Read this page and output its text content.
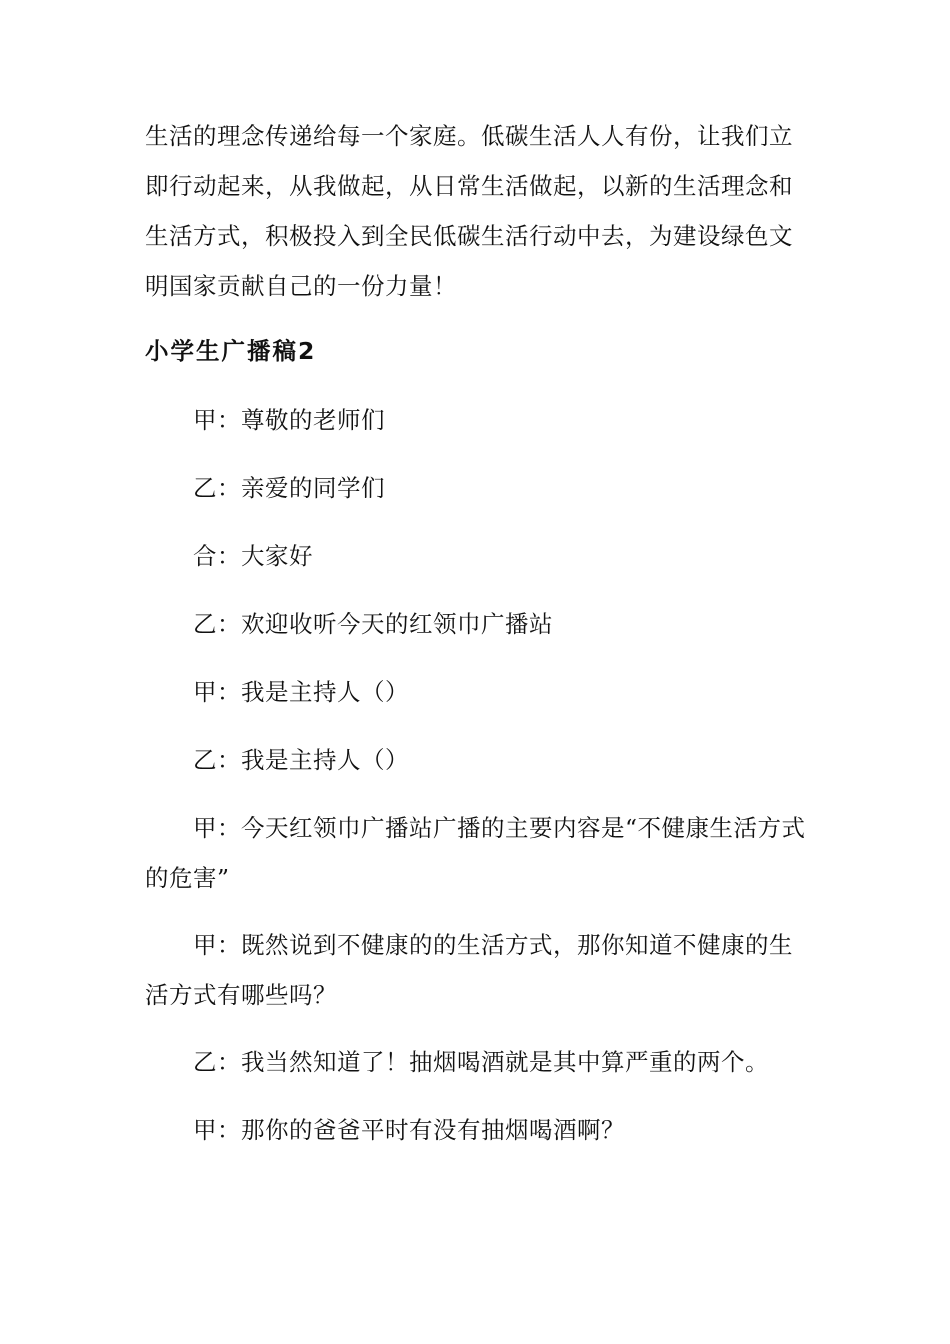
生活的理念传递给每一个家庭。低碳生活人人有份，让我们立即行动起来，从我做起，从日常生活做起，以新的生活理念和生活方式，积极投入到全民低碳生活行动中去，为建设绿色文明国家贡献自己的一份力量！

小学生广播稿2

甲：尊敬的老师们

乙：亲爱的同学们

合：大家好

乙：欢迎收听今天的红领巾广播站

甲：我是主持人（）

乙：我是主持人（）

甲：今天红领巾广播站广播的主要内容是“不健康生活方式的危害”

甲：既然说到不健康的的生活方式，那你知道不健康的生活方式有哪些吗？

乙：我当然知道了！抽烟喝酒就是其中算严重的两个。

甲：那你的爸爸平时有没有抽烟喝酒啊？
